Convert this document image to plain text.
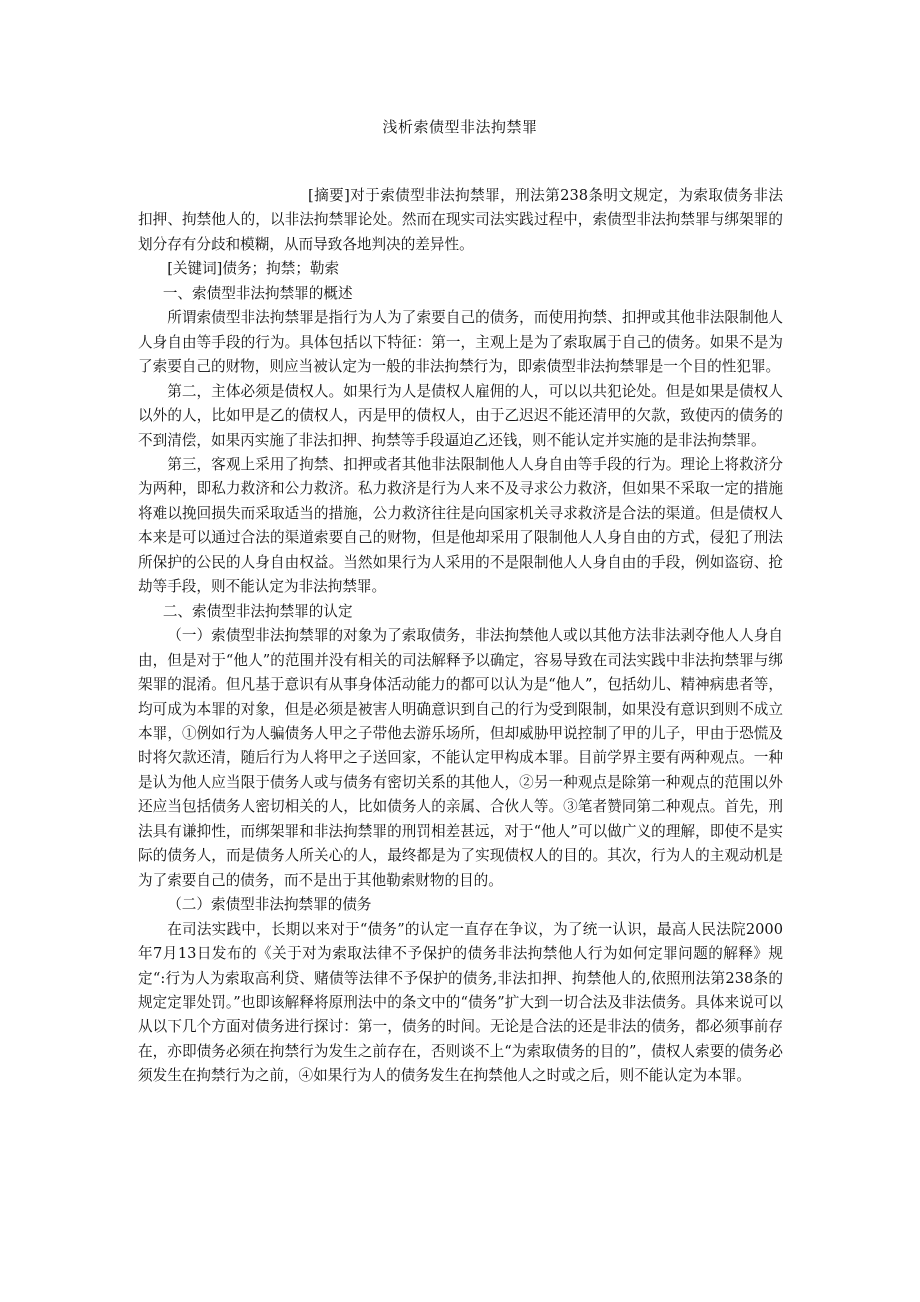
浅析索债型非法拘禁罪

[摘要]对于索债型非法拘禁罪，刑法第238条明文规定，为索取债务非法扣押、拘禁他人的，以非法拘禁罪论处。然而在现实司法实践过程中，索债型非法拘禁罪与绑架罪的划分存有分歧和模糊，从而导致各地判决的差异性。

[关键词]债务；拘禁；勒索

一、索债型非法拘禁罪的概述

所谓索债型非法拘禁罪是指行为人为了索要自己的债务，而使用拘禁、扣押或其他非法限制他人人身自由等手段的行为。具体包括以下特征：第一，主观上是为了索取属于自己的债务。如果不是为了索要自己的财物，则应当被认定为一般的非法拘禁行为，即索债型非法拘禁罪是一个目的性犯罪。

第二，主体必须是债权人。如果行为人是债权人雇佣的人，可以以共犯论处。但是如果是债权人以外的人，比如甲是乙的债权人，丙是甲的债权人，由于乙迟迟不能还清甲的欠款，致使丙的债务的不到清偿，如果丙实施了非法扣押、拘禁等手段逼迫乙还钱，则不能认定并实施的是非法拘禁罪。

第三，客观上采用了拘禁、扣押或者其他非法限制他人人身自由等手段的行为。理论上将救济分为两种，即私力救济和公力救济。私力救济是行为人来不及寻求公力救济，但如果不采取一定的措施将难以挽回损失而采取适当的措施，公力救济往往是向国家机关寻求救济是合法的渠道。但是债权人本来是可以通过合法的渠道索要自己的财物，但是他却采用了限制他人人身自由的方式，侵犯了刑法所保护的公民的人身自由权益。当然如果行为人采用的不是限制他人人身自由的手段，例如盗窃、抢劫等手段，则不能认定为非法拘禁罪。

二、索债型非法拘禁罪的认定

（一）索债型非法拘禁罪的对象为了索取债务，非法拘禁他人或以其他方法非法剥夺他人人身自由，但是对于“他人”的范围并没有相关的司法解释予以确定，容易导致在司法实践中非法拘禁罪与绑架罪的混淆。但凡基于意识有从事身体活动能力的都可以认为是“他人”，包括幼儿、精神病患者等，均可成为本罪的对象，但是必须是被害人明确意识到自己的行为受到限制，如果没有意识到则不成立本罪，①例如行为人骗债务人甲之子带他去游乐场所，但却威胁甲说控制了甲的儿子，甲由于恐慌及时将欠款还清，随后行为人将甲之子送回家，不能认定甲构成本罪。目前学界主要有两种观点。一种是认为他人应当限于债务人或与债务有密切关系的其他人，②另一种观点是除第一种观点的范围以外还应当包括债务人密切相关的人，比如债务人的亲属、合伙人等。③笔者赞同第二种观点。首先，刑法具有谦抑性，而绑架罪和非法拘禁罪的刑罚相差甚远，对于“他人”可以做广义的理解，即使不是实际的债务人，而是债务人所关心的人，最终都是为了实现债权人的目的。其次，行为人的主观动机是为了索要自己的债务，而不是出于其他勒索财物的目的。

（二）索债型非法拘禁罪的债务

在司法实践中，长期以来对于“债务”的认定一直存在争议，为了统一认识，最高人民法院2000年7月13日发布的《关于对为索取法律不予保护的债务非法拘禁他人行为如何定罪问题的解释》规定“:行为人为索取高利贷、赌债等法律不予保护的债务,非法扣押、拘禁他人的,依照刑法第238条的规定定罪处罚。”也即该解释将原刑法中的条文中的“债务”扩大到一切合法及非法债务。具体来说可以从以下几个方面对债务进行探讨：第一，债务的时间。无论是合法的还是非法的债务，都必须事前存在，亦即债务必须在拘禁行为发生之前存在，否则谈不上“为索取债务的目的”，债权人索要的债务必须发生在拘禁行为之前，④如果行为人的债务发生在拘禁他人之时或之后，则不能认定为本罪。
